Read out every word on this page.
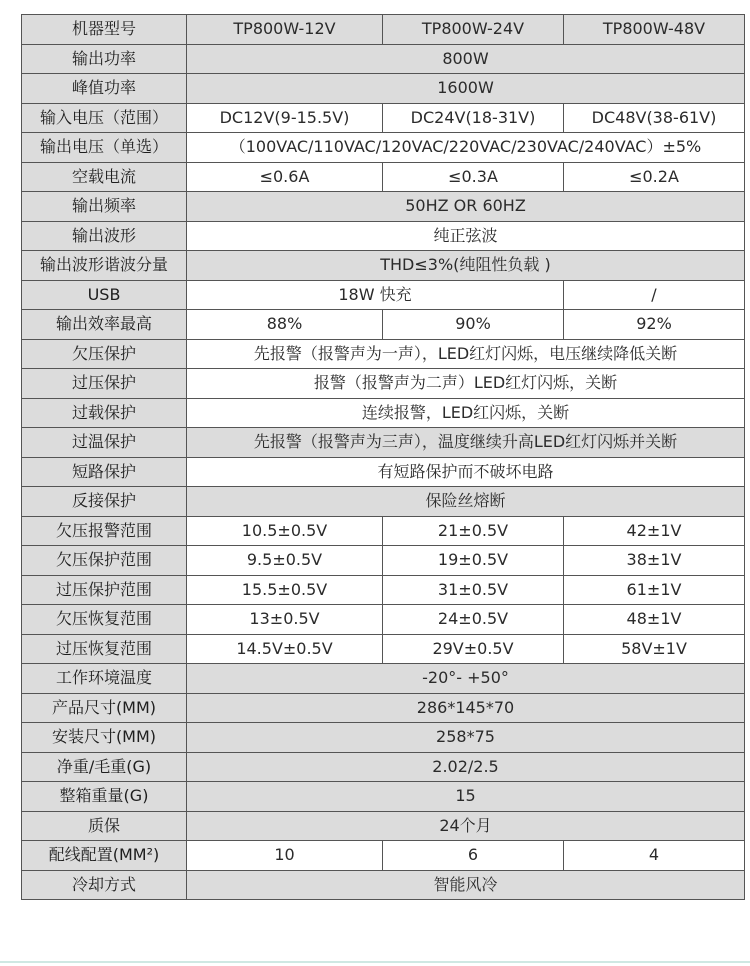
机器型号	TP800W-12V	TP800W-24V	TP800W-48V
输出功率	800W		
峰值功率	1600W		
输入电压（范围）	DC12V(9-15.5V)	DC24V(18-31V)	DC48V(38-61V)
输出电压（单选）	（100VAC/110VAC/120VAC/220VAC/230VAC/240VAC）±5%		
空载电流	≤0.6A	≤0.3A	≤0.2A
输出频率	50HZ OR 60HZ		
输出波形	纯正弦波		
输出波形谐波分量	THD≤3%(纯阻性负载 )		
USB	18W 快充		/
输出效率最高	88%	90%	92%
欠压保护	先报警（报警声为一声），LED红灯闪烁，电压继续降低关断		
过压保护	报警（报警声为二声）LED红灯闪烁，关断		
过载保护	连续报警，LED红闪烁，关断		
过温保护	先报警（报警声为三声），温度继续升高LED红灯闪烁并关断		
短路保护	有短路保护而不破坏电路		
反接保护	保险丝熔断		
欠压报警范围	10.5±0.5V	21±0.5V	42±1V
欠压保护范围	9.5±0.5V	19±0.5V	38±1V
过压保护范围	15.5±0.5V	31±0.5V	61±1V
欠压恢复范围	13±0.5V	24±0.5V	48±1V
过压恢复范围	14.5V±0.5V	29V±0.5V	58V±1V
工作环境温度	-20°- +50°		
产品尺寸(MM)	286*145*70		
安装尺寸(MM)	258*75		
净重/毛重(G)	2.02/2.5		
整箱重量(G)	15		
质保	24个月		
配线配置(MM²)	10	6	4
冷却方式	智能风冷		
